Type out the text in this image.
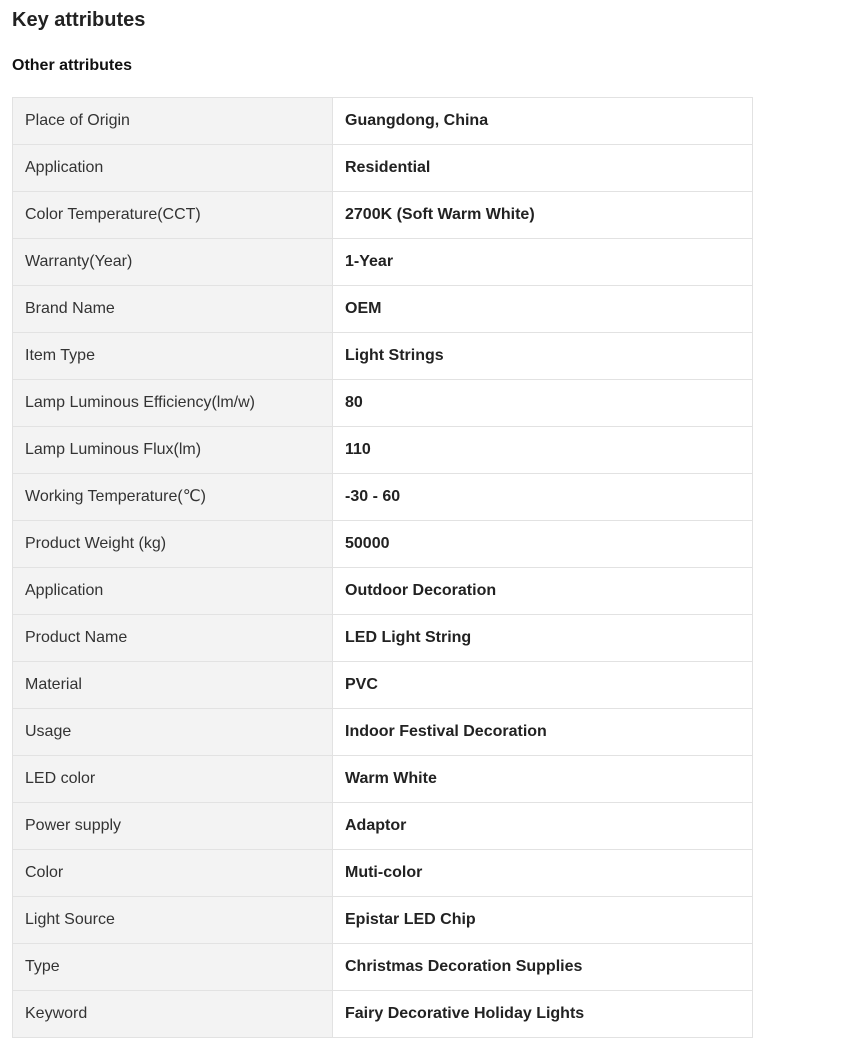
Key attributes
Other attributes
Place of Origin	Guangdong, China
Application	Residential
Color Temperature(CCT)	2700K (Soft Warm White)
Warranty(Year)	1-Year
Brand Name	OEM
Item Type	Light Strings
Lamp Luminous Efficiency(lm/w)	80
Lamp Luminous Flux(lm)	110
Working Temperature(℃)	-30 - 60
Product Weight (kg)	50000
Application	Outdoor Decoration
Product Name	LED Light String
Material	PVC
Usage	Indoor Festival Decoration
LED color	Warm White
Power supply	Adaptor
Color	Muti-color
Light Source	Epistar LED Chip
Type	Christmas Decoration Supplies
Keyword	Fairy Decorative Holiday Lights
